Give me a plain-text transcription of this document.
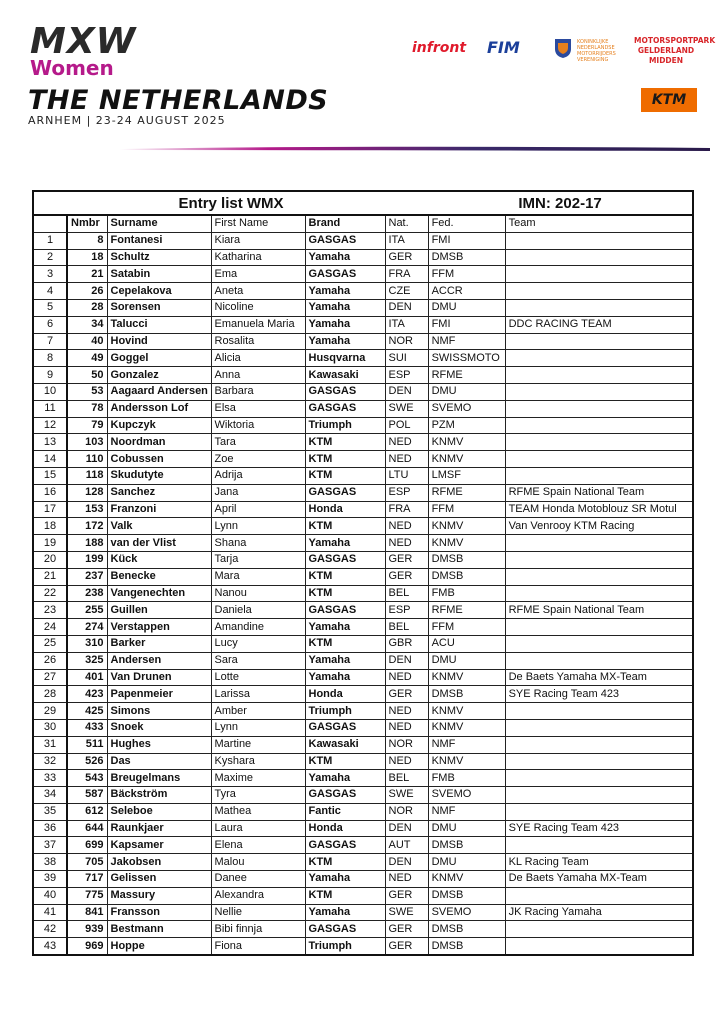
MXW
Women
THE NETHERLANDS
ARNHEM | 23-24 AUGUST 2025
infront FIM	KONINKLIJKE NEDERLANDSE MOTORRIJDERS VERENIGING
MOTORSPORTPARK
GELDERLAND
MIDDEN
KTM
Entry list WMX						IMN: 202-17	
	Nmbr	Surname	First Name	Brand	Nat.	Fed.	Team
1	8	Fontanesi	Kiara	GASGAS	ITA	FMI	
2	18	Schultz	Katharina	Yamaha	GER	DMSB	
3	21	Satabin	Ema	GASGAS	FRA	FFM	
4	26	Cepelakova	Aneta	Yamaha	CZE	ACCR	
5	28	Sorensen	Nicoline	Yamaha	DEN	DMU	
6	34	Talucci	Emanuela Maria	Yamaha	ITA	FMI	DDC RACING TEAM
7	40	Hovind	Rosalita	Yamaha	NOR	NMF	
8	49	Goggel	Alicia	Husqvarna	SUI	SWISSMOTO	
9	50	Gonzalez	Anna	Kawasaki	ESP	RFME	
10	53	Aagaard Andersen	Barbara	GASGAS	DEN	DMU	
11	78	Andersson Lof	Elsa	GASGAS	SWE	SVEMO	
12	79	Kupczyk	Wiktoria	Triumph	POL	PZM	
13	103	Noordman	Tara	KTM	NED	KNMV	
14	110	Cobussen	Zoe	KTM	NED	KNMV	
15	118	Skudutyte	Adrija	KTM	LTU	LMSF	
16	128	Sanchez	Jana	GASGAS	ESP	RFME	RFME Spain National Team
17	153	Franzoni	April	Honda	FRA	FFM	TEAM Honda Motoblouz SR Motul
18	172	Valk	Lynn	KTM	NED	KNMV	Van Venrooy KTM Racing
19	188	van der Vlist	Shana	Yamaha	NED	KNMV	
20	199	Kück	Tarja	GASGAS	GER	DMSB	
21	237	Benecke	Mara	KTM	GER	DMSB	
22	238	Vangenechten	Nanou	KTM	BEL	FMB	
23	255	Guillen	Daniela	GASGAS	ESP	RFME	RFME Spain National Team
24	274	Verstappen	Amandine	Yamaha	BEL	FFM	
25	310	Barker	Lucy	KTM	GBR	ACU	
26	325	Andersen	Sara	Yamaha	DEN	DMU	
27	401	Van Drunen	Lotte	Yamaha	NED	KNMV	De Baets Yamaha MX-Team
28	423	Papenmeier	Larissa	Honda	GER	DMSB	SYE Racing Team 423
29	425	Simons	Amber	Triumph	NED	KNMV	
30	433	Snoek	Lynn	GASGAS	NED	KNMV	
31	511	Hughes	Martine	Kawasaki	NOR	NMF	
32	526	Das	Kyshara	KTM	NED	KNMV	
33	543	Breugelmans	Maxime	Yamaha	BEL	FMB	
34	587	Bäckström	Tyra	GASGAS	SWE	SVEMO	
35	612	Seleboe	Mathea	Fantic	NOR	NMF	
36	644	Raunkjaer	Laura	Honda	DEN	DMU	SYE Racing Team 423
37	699	Kapsamer	Elena	GASGAS	AUT	DMSB	
38	705	Jakobsen	Malou	KTM	DEN	DMU	KL Racing Team
39	717	Gelissen	Danee	Yamaha	NED	KNMV	De Baets Yamaha MX-Team
40	775	Massury	Alexandra	KTM	GER	DMSB	
41	841	Fransson	Nellie	Yamaha	SWE	SVEMO	JK Racing Yamaha
42	939	Bestmann	Bibi finnja	GASGAS	GER	DMSB	
43	969	Hoppe	Fiona	Triumph	GER	DMSB	
